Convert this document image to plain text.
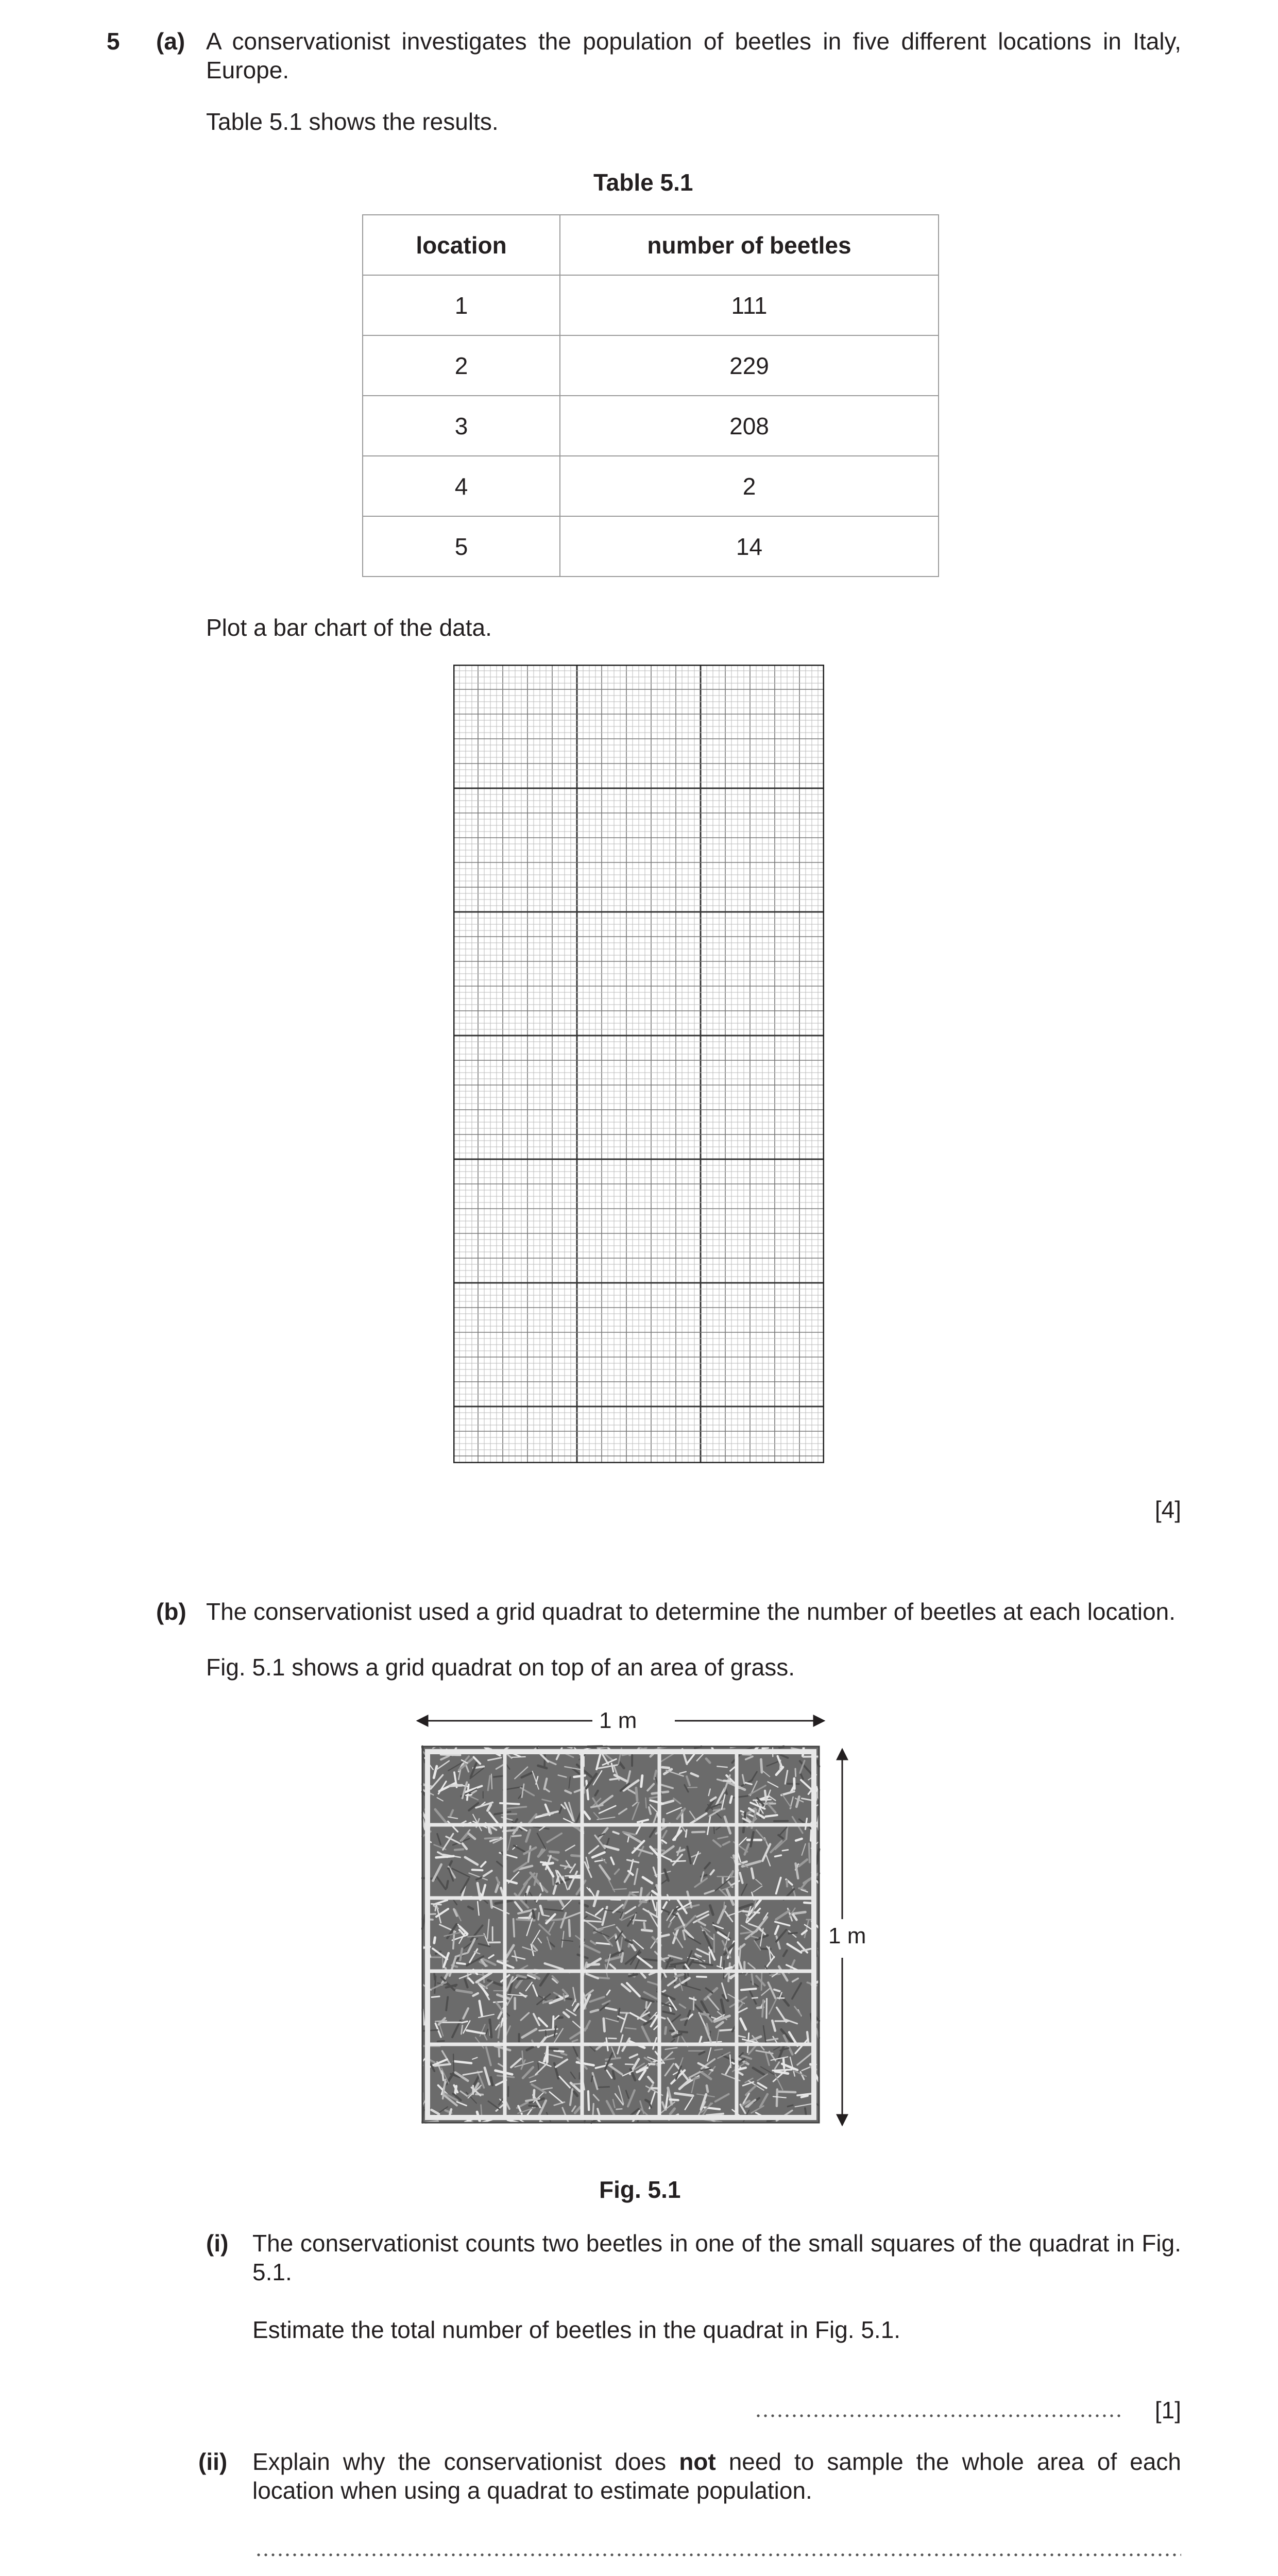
5 (a) A conservationist investigates the population of beetles in five different locations in Italy, Europe.
Table 5.1 shows the results.
Table 5.1
location	number of beetles
1	111
2	229
3	208
4	2
5	14
Plot a bar chart of the data.
[4]
(b) The conservationist used a grid quadrat to determine the number of beetles at each location.
Fig. 5.1 shows a grid quadrat on top of an area of grass.
1 m
1 m
Fig. 5.1
(i) The conservationist counts two beetles in one of the small squares of the quadrat in Fig. 5.1.
Estimate the total number of beetles in the quadrat in Fig. 5.1.
[1]
(ii) Explain why the conservationist does not need to sample the whole area of each location when using a quadrat to estimate population.
